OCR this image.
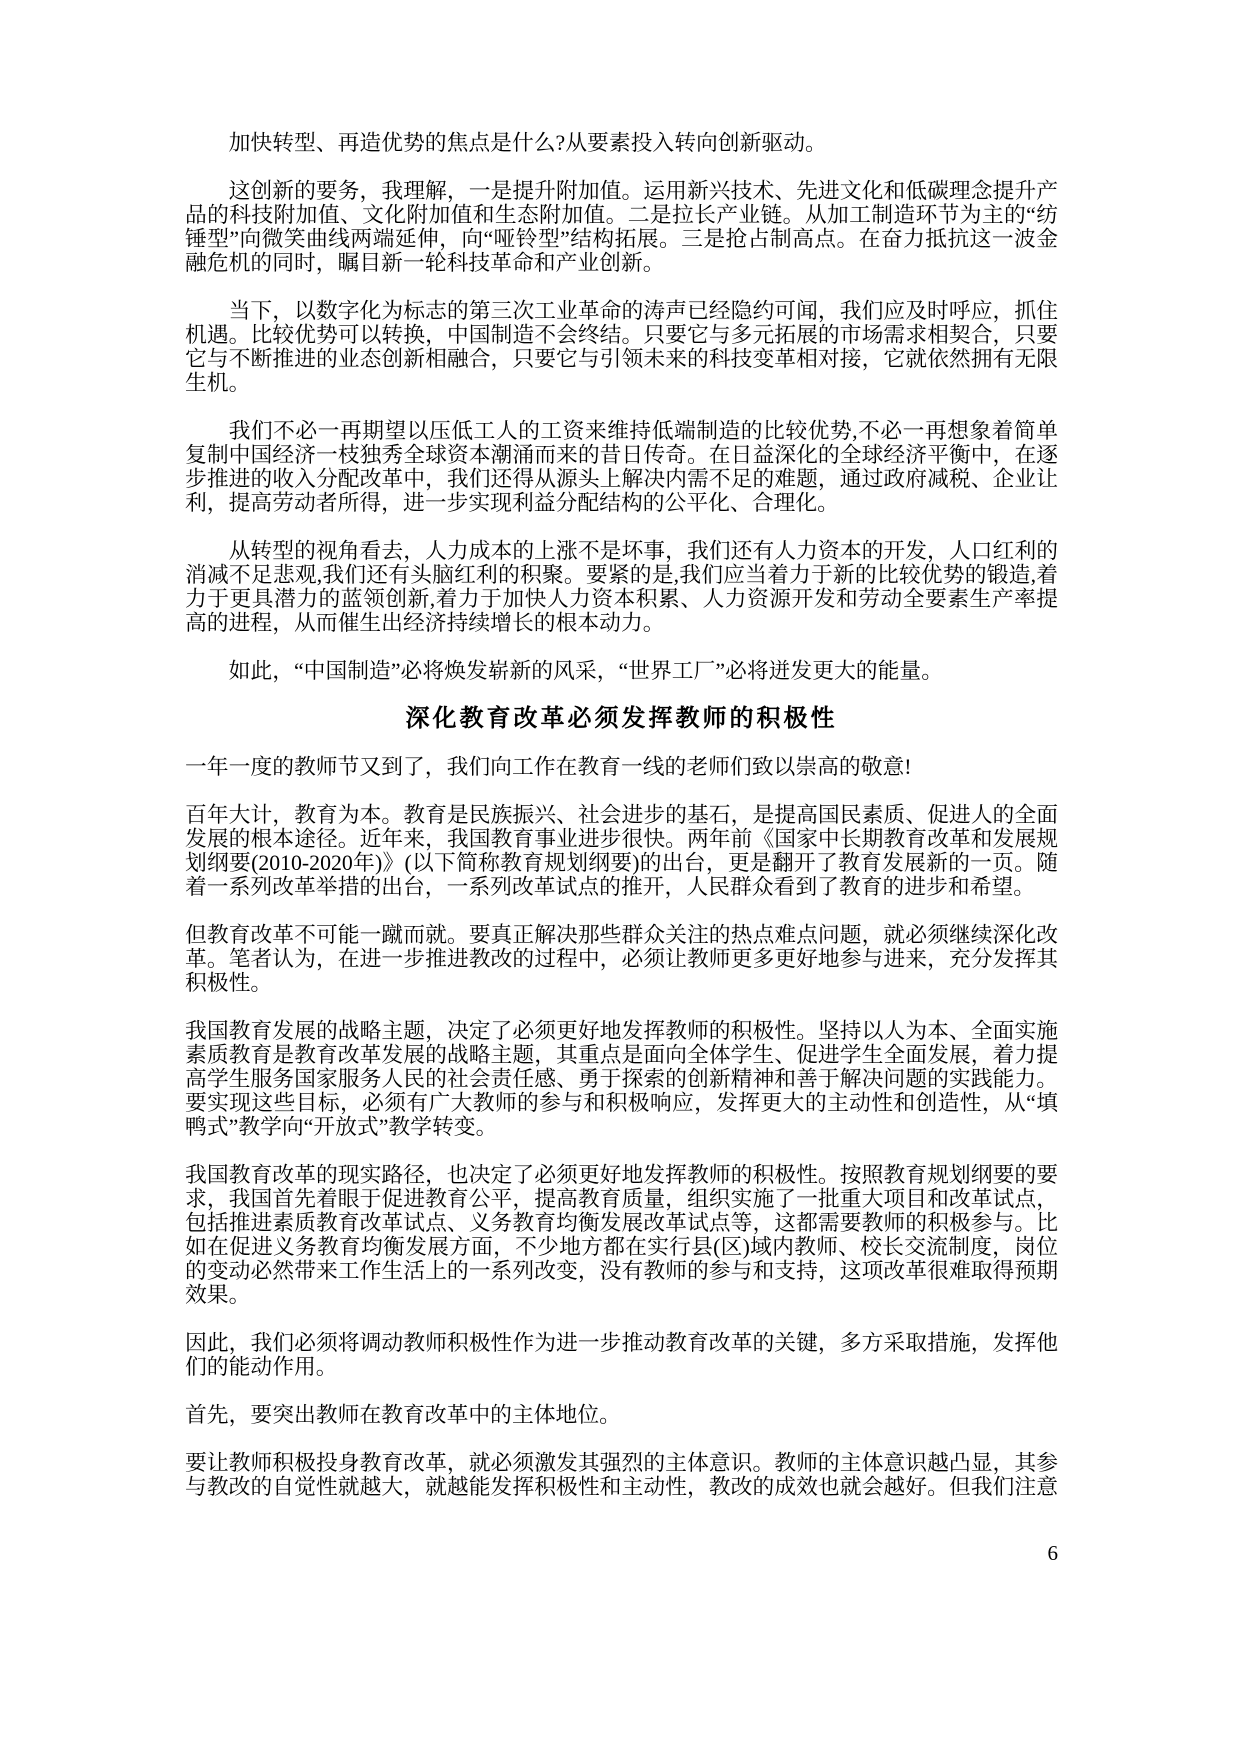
加快转型、再造优势的焦点是什么?从要素投入转向创新驱动。

这创新的要务，我理解，一是提升附加值。运用新兴技术、先进文化和低碳理念提升产品的科技附加值、文化附加值和生态附加值。二是拉长产业链。从加工制造环节为主的“纺锤型”向微笑曲线两端延伸，向“哑铃型”结构拓展。三是抢占制高点。在奋力抵抗这一波金融危机的同时，瞩目新一轮科技革命和产业创新。

当下，以数字化为标志的第三次工业革命的涛声已经隐约可闻，我们应及时呼应，抓住机遇。比较优势可以转换，中国制造不会终结。只要它与多元拓展的市场需求相契合，只要它与不断推进的业态创新相融合，只要它与引领未来的科技变革相对接，它就依然拥有无限生机。

我们不必一再期望以压低工人的工资来维持低端制造的比较优势,不必一再想象着简单复制中国经济一枝独秀全球资本潮涌而来的昔日传奇。在日益深化的全球经济平衡中，在逐步推进的收入分配改革中，我们还得从源头上解决内需不足的难题，通过政府减税、企业让利，提高劳动者所得，进一步实现利益分配结构的公平化、合理化。

从转型的视角看去，人力成本的上涨不是坏事，我们还有人力资本的开发，人口红利的消减不足悲观,我们还有头脑红利的积聚。要紧的是,我们应当着力于新的比较优势的锻造,着力于更具潜力的蓝领创新,着力于加快人力资本积累、人力资源开发和劳动全要素生产率提高的进程，从而催生出经济持续增长的根本动力。

如此，“中国制造”必将焕发崭新的风采，“世界工厂”必将迸发更大的能量。

深化教育改革必须发挥教师的积极性

一年一度的教师节又到了，我们向工作在教育一线的老师们致以崇高的敬意!

百年大计，教育为本。教育是民族振兴、社会进步的基石，是提高国民素质、促进人的全面发展的根本途径。近年来，我国教育事业进步很快。两年前《国家中长期教育改革和发展规划纲要(2010-2020年)》(以下简称教育规划纲要)的出台，更是翻开了教育发展新的一页。随着一系列改革举措的出台，一系列改革试点的推开，人民群众看到了教育的进步和希望。

但教育改革不可能一蹴而就。要真正解决那些群众关注的热点难点问题，就必须继续深化改革。笔者认为，在进一步推进教改的过程中，必须让教师更多更好地参与进来，充分发挥其积极性。

我国教育发展的战略主题，决定了必须更好地发挥教师的积极性。坚持以人为本、全面实施素质教育是教育改革发展的战略主题，其重点是面向全体学生、促进学生全面发展，着力提高学生服务国家服务人民的社会责任感、勇于探索的创新精神和善于解决问题的实践能力。要实现这些目标，必须有广大教师的参与和积极响应，发挥更大的主动性和创造性，从“填鸭式”教学向“开放式”教学转变。

我国教育改革的现实路径，也决定了必须更好地发挥教师的积极性。按照教育规划纲要的要求，我国首先着眼于促进教育公平，提高教育质量，组织实施了一批重大项目和改革试点，包括推进素质教育改革试点、义务教育均衡发展改革试点等，这都需要教师的积极参与。比如在促进义务教育均衡发展方面，不少地方都在实行县(区)域内教师、校长交流制度，岗位的变动必然带来工作生活上的一系列改变，没有教师的参与和支持，这项改革很难取得预期效果。

因此，我们必须将调动教师积极性作为进一步推动教育改革的关键，多方采取措施，发挥他们的能动作用。

首先，要突出教师在教育改革中的主体地位。

要让教师积极投身教育改革，就必须激发其强烈的主体意识。教师的主体意识越凸显，其参与教改的自觉性就越大，就越能发挥积极性和主动性，教改的成效也就会越好。但我们注意

6
